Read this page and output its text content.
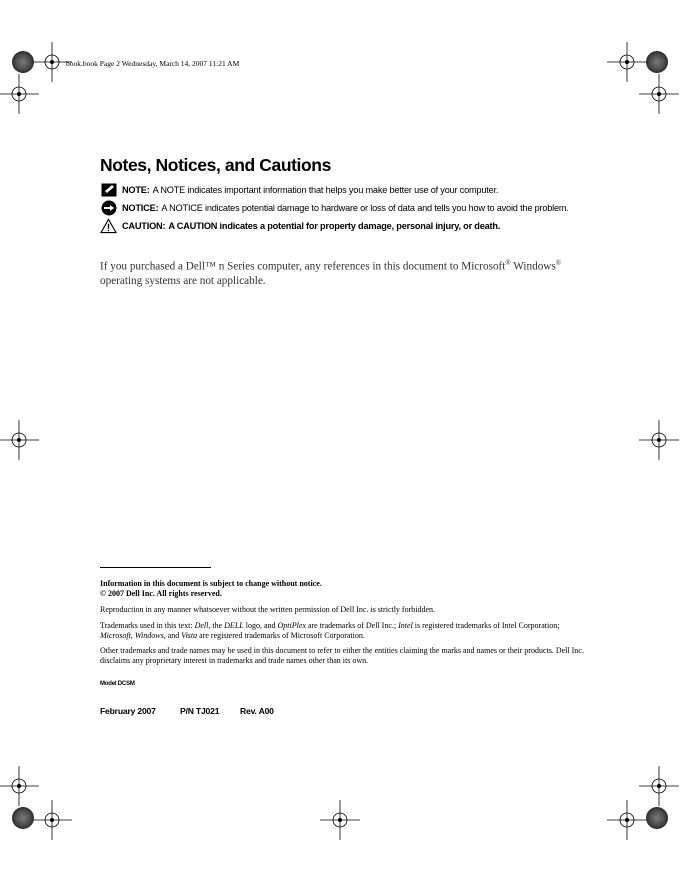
book.book Page 2 Wednesday, March 14, 2007 11:21 AM
Notes, Notices, and Cautions
NOTE: A NOTE indicates important information that helps you make better use of your computer.
NOTICE: A NOTICE indicates potential damage to hardware or loss of data and tells you how to avoid the problem.
CAUTION: A CAUTION indicates a potential for property damage, personal injury, or death.
If you purchased a Dell™ n Series computer, any references in this document to Microsoft® Windows®
operating systems are not applicable.
Information in this document is subject to change without notice.
© 2007 Dell Inc. All rights reserved.
Reproduction in any manner whatsoever without the written permission of Dell Inc. is strictly forbidden.
Trademarks used in this text: Dell, the DELL logo, and OptiPlex are trademarks of Dell Inc.; Intel is registered trademarks of Intel Corporation;
Microsoft, Windows, and Vista are registered trademarks of Microsoft Corporation.
Other trademarks and trade names may be used in this document to refer to either the entities claiming the marks and names or their products. Dell Inc. disclaims any proprietary interest in trademarks and trade names other than its own.
Model DCSM
February 2007	P/N TJ021 Rev. A00
